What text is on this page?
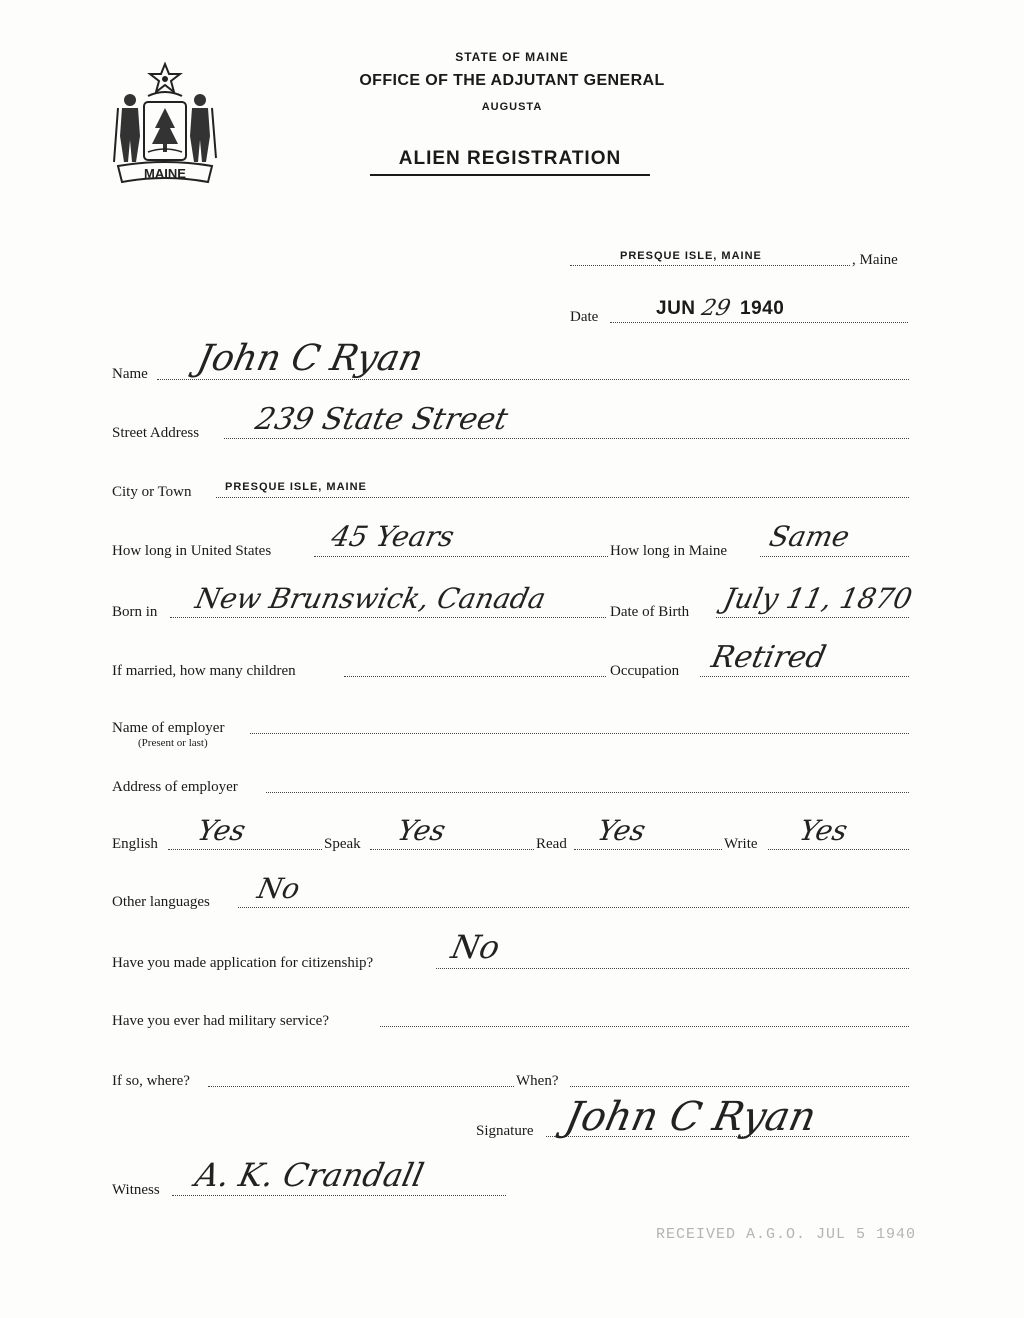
MAINE
STATE OF MAINE
OFFICE OF THE ADJUTANT GENERAL
AUGUSTA
ALIEN REGISTRATION
PRESQUE ISLE, MAINE	, Maine
Date	JUN 29 1940
Name John C Ryan
Street Address 239 State Street
City or Town	PRESQUE ISLE, MAINE
How long in United States 45 Years	How long in Maine Same
Born in New Brunswick, Canada	Date of Birth July 11, 1870
If married, how many children	Occupation Retired
Name of employer
(Present or last)
Address of employer
English Yes	Speak Yes	Read Yes	Write Yes
Other languages No
Have you made application for citizenship? No
Have you ever had military service?
If so, where?	When?
Signature John C Ryan
Witness A. K. Crandall
RECEIVED A.G.O. JUL 5 1940
